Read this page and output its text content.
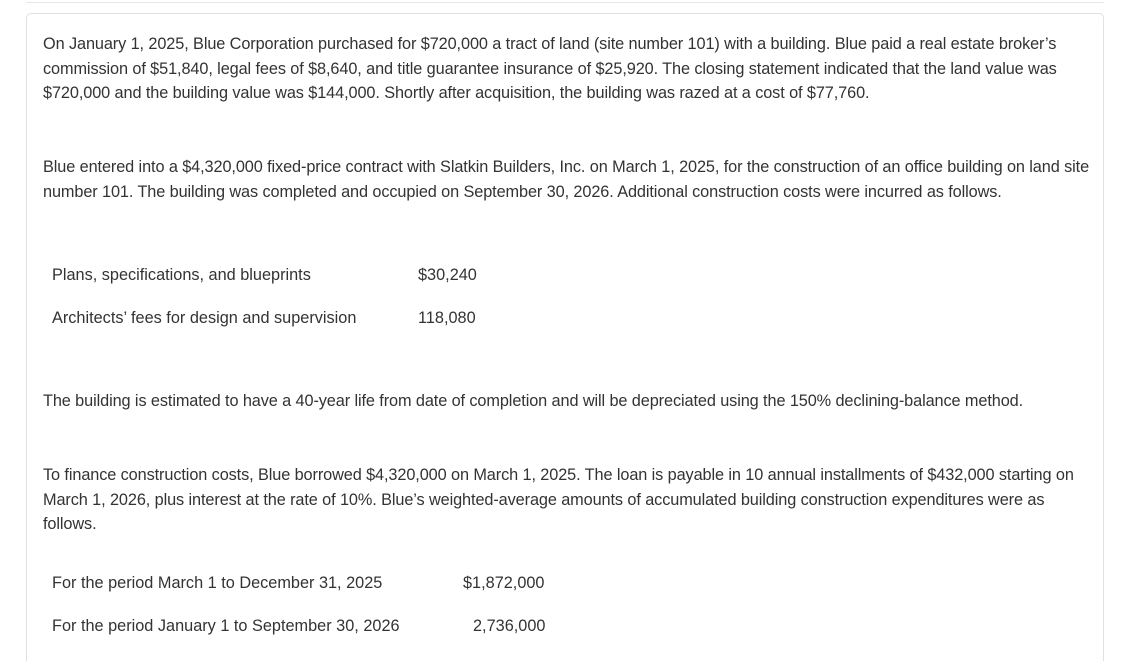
On January 1, 2025, Blue Corporation purchased for $720,000 a tract of land (site number 101) with a building. Blue paid a real estate broker’s commission of $51,840, legal fees of $8,640, and title guarantee insurance of $25,920. The closing statement indicated that the land value was $720,000 and the building value was $144,000. Shortly after acquisition, the building was razed at a cost of $77,760.

Blue entered into a $4,320,000 fixed-price contract with Slatkin Builders, Inc. on March 1, 2025, for the construction of an office building on land site number 101. The building was completed and occupied on September 30, 2026. Additional construction costs were incurred as follows.

Plans, specifications, and blueprints	$30,240
Architects’ fees for design and supervision	118,080

The building is estimated to have a 40-year life from date of completion and will be depreciated using the 150% declining-balance method.

To finance construction costs, Blue borrowed $4,320,000 on March 1, 2025. The loan is payable in 10 annual installments of $432,000 starting on March 1, 2026, plus interest at the rate of 10%. Blue’s weighted-average amounts of accumulated building construction expenditures were as follows.

For the period March 1 to December 31, 2025	$1,872,000
For the period January 1 to September 30, 2026	2,736,000
